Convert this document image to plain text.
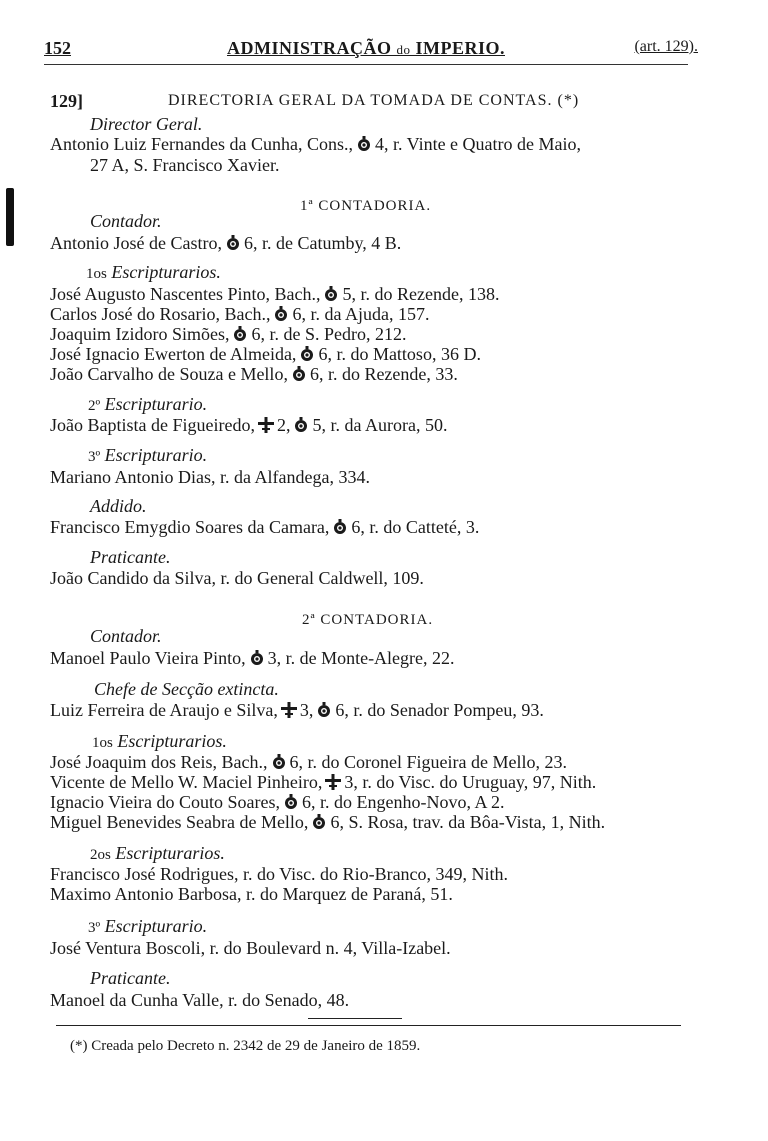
152	ADMINISTRAÇÃO do IMPERIO.	(art. 129).
129]	DIRECTORIA GERAL DA TOMADA DE CONTAS. (*)
Director Geral.
Antonio Luiz Fernandes da Cunha, Cons., 4, r. Vinte e Quatro de Maio,
27 A, S. Francisco Xavier.
1ª CONTADORIA.
Contador.
Antonio José de Castro, 6, r. de Catumby, 4 B.
1os Escripturarios.
José Augusto Nascentes Pinto, Bach., 5, r. do Rezende, 138.
Carlos José do Rosario, Bach., 6, r. da Ajuda, 157.
Joaquim Izidoro Simões, 6, r. de S. Pedro, 212.
José Ignacio Ewerton de Almeida, 6, r. do Mattoso, 36 D.
João Carvalho de Souza e Mello, 6, r. do Rezende, 33.
2º Escripturario.
João Baptista de Figueiredo, 2, 5, r. da Aurora, 50.
3º Escripturario.
Mariano Antonio Dias, r. da Alfandega, 334.
Addido.
Francisco Emygdio Soares da Camara, 6, r. do Catteté, 3.
Praticante.
João Candido da Silva, r. do General Caldwell, 109.
2ª CONTADORIA.
Contador.
Manoel Paulo Vieira Pinto, 3, r. de Monte-Alegre, 22.
Chefe de Secção extincta.
Luiz Ferreira de Araujo e Silva, 3, 6, r. do Senador Pompeu, 93.
1os Escripturarios.
José Joaquim dos Reis, Bach., 6, r. do Coronel Figueira de Mello, 23.
Vicente de Mello W. Maciel Pinheiro, 3, r. do Visc. do Uruguay, 97, Nith.
Ignacio Vieira do Couto Soares, 6, r. do Engenho-Novo, A 2.
Miguel Benevides Seabra de Mello, 6, S. Rosa, trav. da Bôa-Vista, 1, Nith.
2os Escripturarios.
Francisco José Rodrigues, r. do Visc. do Rio-Branco, 349, Nith.
Maximo Antonio Barbosa, r. do Marquez de Paraná, 51.
3º Escripturario.
José Ventura Boscoli, r. do Boulevard n. 4, Villa-Izabel.
Praticante.
Manoel da Cunha Valle, r. do Senado, 48.
(*) Creada pelo Decreto n. 2342 de 29 de Janeiro de 1859.
